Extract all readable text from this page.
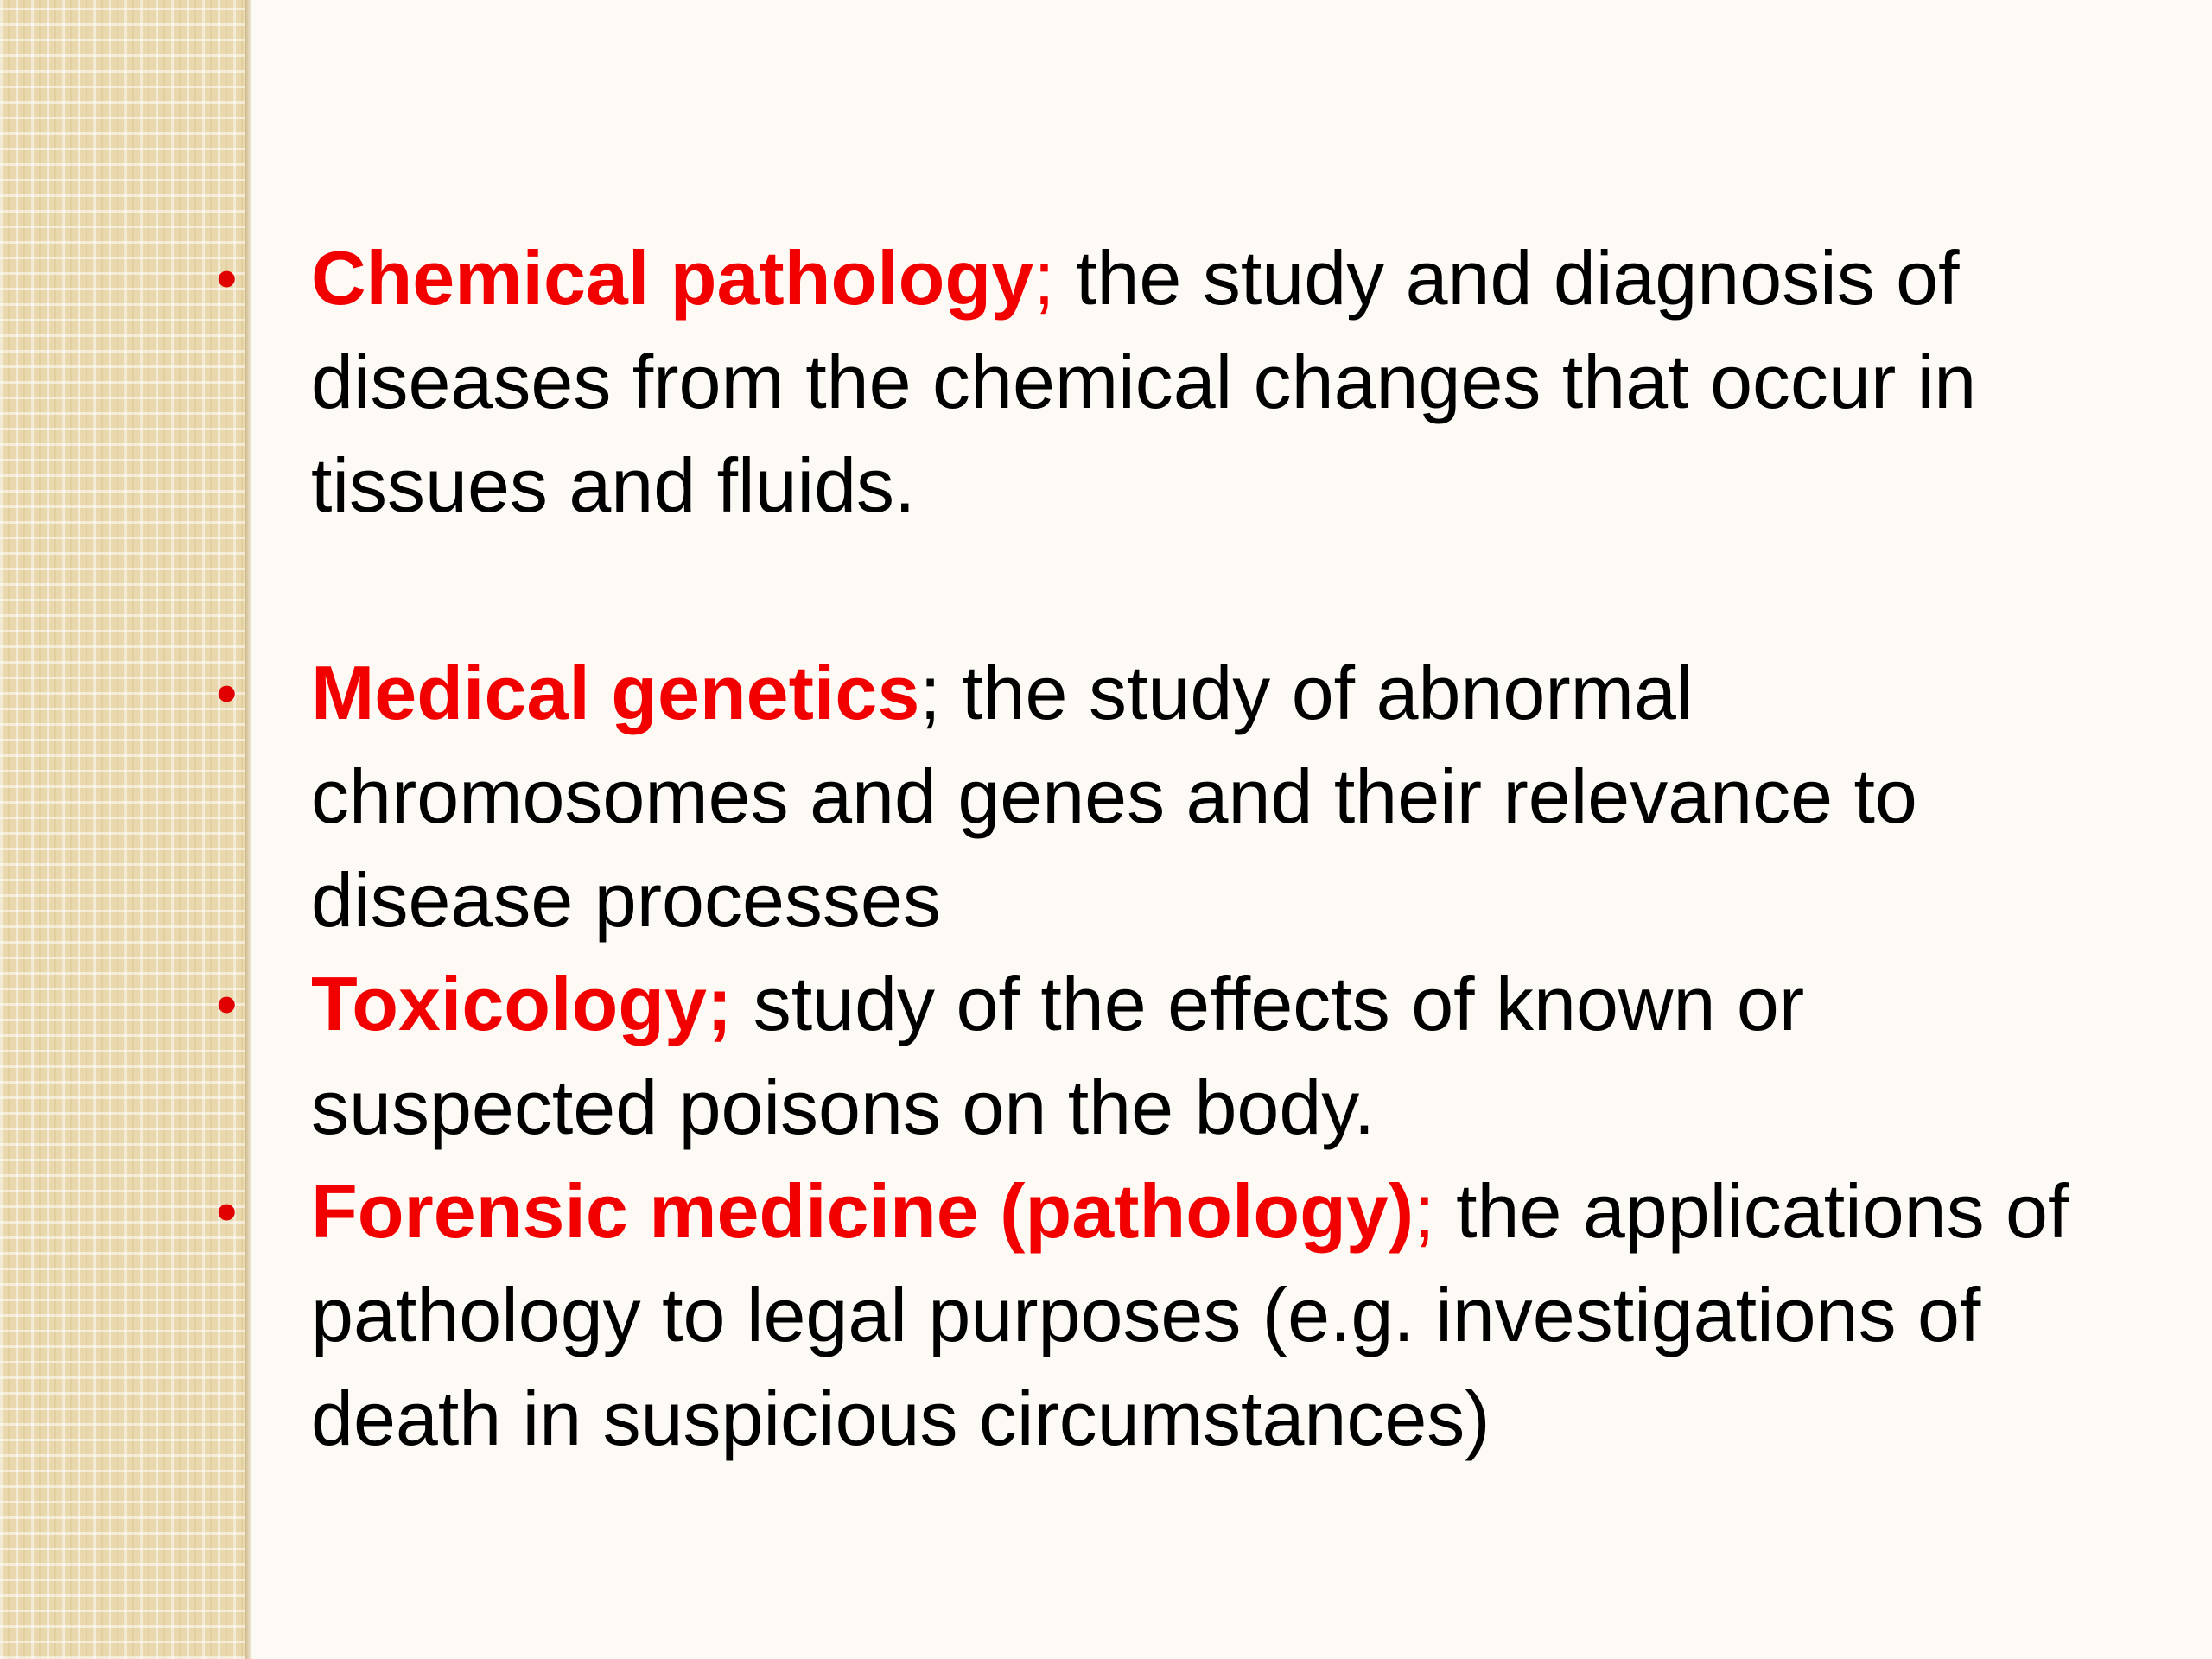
• Chemical pathology; the study and diagnosis of diseases from the chemical changes that occur in tissues and fluids.
• Medical genetics; the study of abnormal chromosomes and genes and their relevance to disease processes
• Toxicology; study of the effects of known or suspected poisons on the body.
• Forensic medicine (pathology); the applications of pathology to legal purposes (e.g. investigations of death in suspicious circumstances)
